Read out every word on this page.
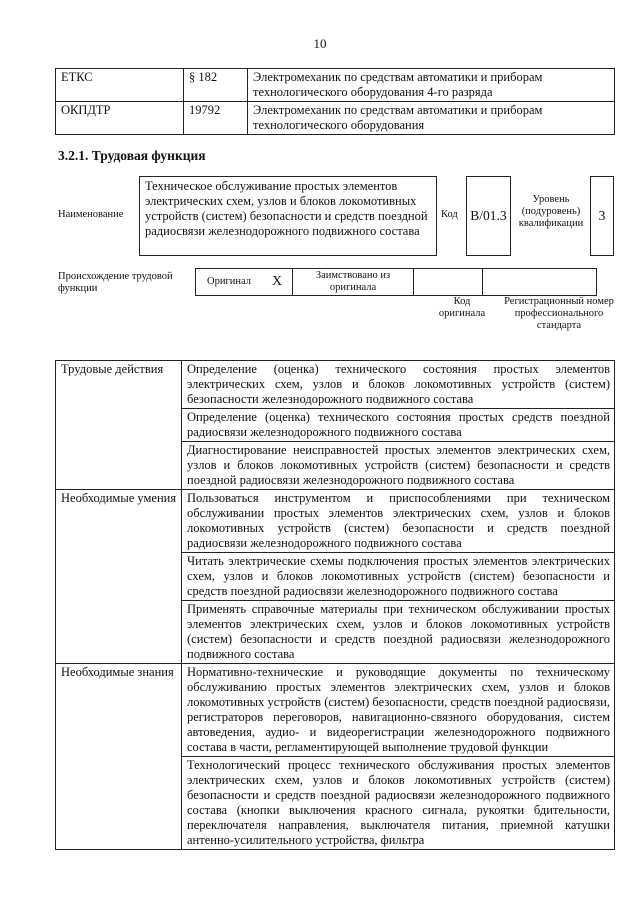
10
ЕТКС	§ 182	Электромеханик по средствам автоматики и приборам технологического оборудования 4-го разряда
ОКПДТР	19792	Электромеханик по средствам автоматики и приборам технологического оборудования
3.2.1. Трудовая функция
Наименование
Техническое обслуживание простых элементов электрических схем, узлов и блоков локомотивных устройств (систем) безопасности и средств поездной радиосвязи железнодорожного подвижного состава
Код B/01.3
Уровень (подуровень) квалификации
3
Происхождение трудовой функции
Оригинал	X	Заимствовано из оригинала		
Код оригинала
Регистрационный номер профессионального стандарта
Трудовые действия	Определение (оценка) технического состояния простых элементов электрических схем, узлов и блоков локомотивных устройств (систем) безопасности железнодорожного подвижного состава
	Определение (оценка) технического состояния простых средств поездной радиосвязи железнодорожного подвижного состава
	Диагностирование неисправностей простых элементов электрических схем, узлов и блоков локомотивных устройств (систем) безопасности и средств поездной радиосвязи железнодорожного подвижного состава
Необходимые умения	Пользоваться инструментом и приспособлениями при техническом обслуживании простых элементов электрических схем, узлов и блоков локомотивных устройств (систем) безопасности и средств поездной радиосвязи железнодорожного подвижного состава
	Читать электрические схемы подключения простых элементов электрических схем, узлов и блоков локомотивных устройств (систем) безопасности и средств поездной радиосвязи железнодорожного подвижного состава
	Применять справочные материалы при техническом обслуживании простых элементов электрических схем, узлов и блоков локомотивных устройств (систем) безопасности и средств поездной радиосвязи железнодорожного подвижного состава
Необходимые знания	Нормативно-технические и руководящие документы по техническому обслуживанию простых элементов электрических схем, узлов и блоков локомотивных устройств (систем) безопасности, средств поездной радиосвязи, регистраторов переговоров, навигационно-связного оборудования, систем автоведения, аудио- и видеорегистрации железнодорожного подвижного состава в части, регламентирующей выполнение трудовой функции
	Технологический процесс технического обслуживания простых элементов электрических схем, узлов и блоков локомотивных устройств (систем) безопасности и средств поездной радиосвязи железнодорожного подвижного состава (кнопки выключения красного сигнала, рукоятки бдительности, переключателя направления, выключателя питания, приемной катушки антенно-усилительного устройства, фильтра
